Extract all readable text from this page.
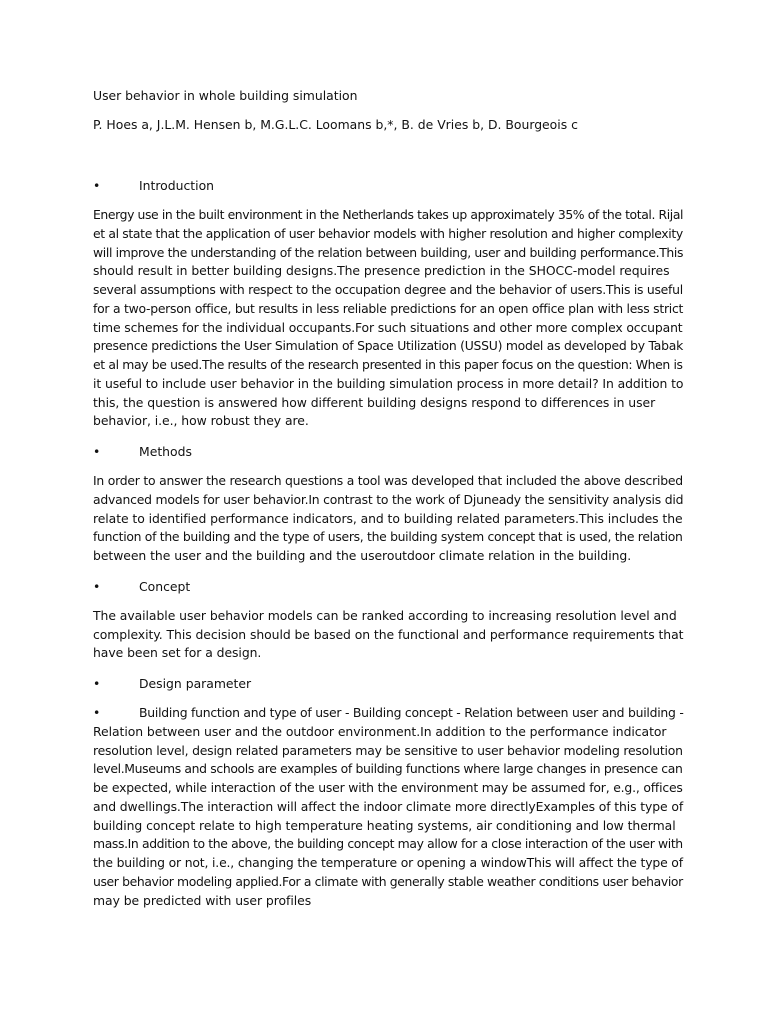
User behavior in whole building simulation
P. Hoes a, J.L.M. Hensen b, M.G.L.C. Loomans b,*, B. de Vries b, D. Bourgeois c
•	Introduction
Energy use in the built environment in the Netherlands takes up approximately 35% of the total. Rijal
et al state that the application of user behavior models with higher resolution and higher complexity
will improve the understanding of the relation between building, user and building performance.This
should result in better building designs.The presence prediction in the SHOCC-model requires
several assumptions with respect to the occupation degree and the behavior of users.This is useful
for a two-person office, but results in less reliable predictions for an open office plan with less strict
time schemes for the individual occupants.For such situations and other more complex occupant
presence predictions the User Simulation of Space Utilization (USSU) model as developed by Tabak
et al may be used.The results of the research presented in this paper focus on the question: When is
it useful to include user behavior in the building simulation process in more detail? In addition to
this, the question is answered how different building designs respond to differences in user
behavior, i.e., how robust they are.
•	Methods
In order to answer the research questions a tool was developed that included the above described
advanced models for user behavior.In contrast to the work of Djuneady the sensitivity analysis did
relate to identified performance indicators, and to building related parameters.This includes the
function of the building and the type of users, the building system concept that is used, the relation
between the user and the building and the useroutdoor climate relation in the building.
•	Concept
The available user behavior models can be ranked according to increasing resolution level and
complexity. This decision should be based on the functional and performance requirements that
have been set for a design.
•	Design parameter
•	Building function and type of user - Building concept - Relation between user and building -
Relation between user and the outdoor environment.In addition to the performance indicator
resolution level, design related parameters may be sensitive to user behavior modeling resolution
level.Museums and schools are examples of building functions where large changes in presence can
be expected, while interaction of the user with the environment may be assumed for, e.g., offices
and dwellings.The interaction will affect the indoor climate more directlyExamples of this type of
building concept relate to high temperature heating systems, air conditioning and low thermal
mass.In addition to the above, the building concept may allow for a close interaction of the user with
the building or not, i.e., changing the temperature or opening a windowThis will affect the type of
user behavior modeling applied.For a climate with generally stable weather conditions user behavior
may be predicted with user profiles
